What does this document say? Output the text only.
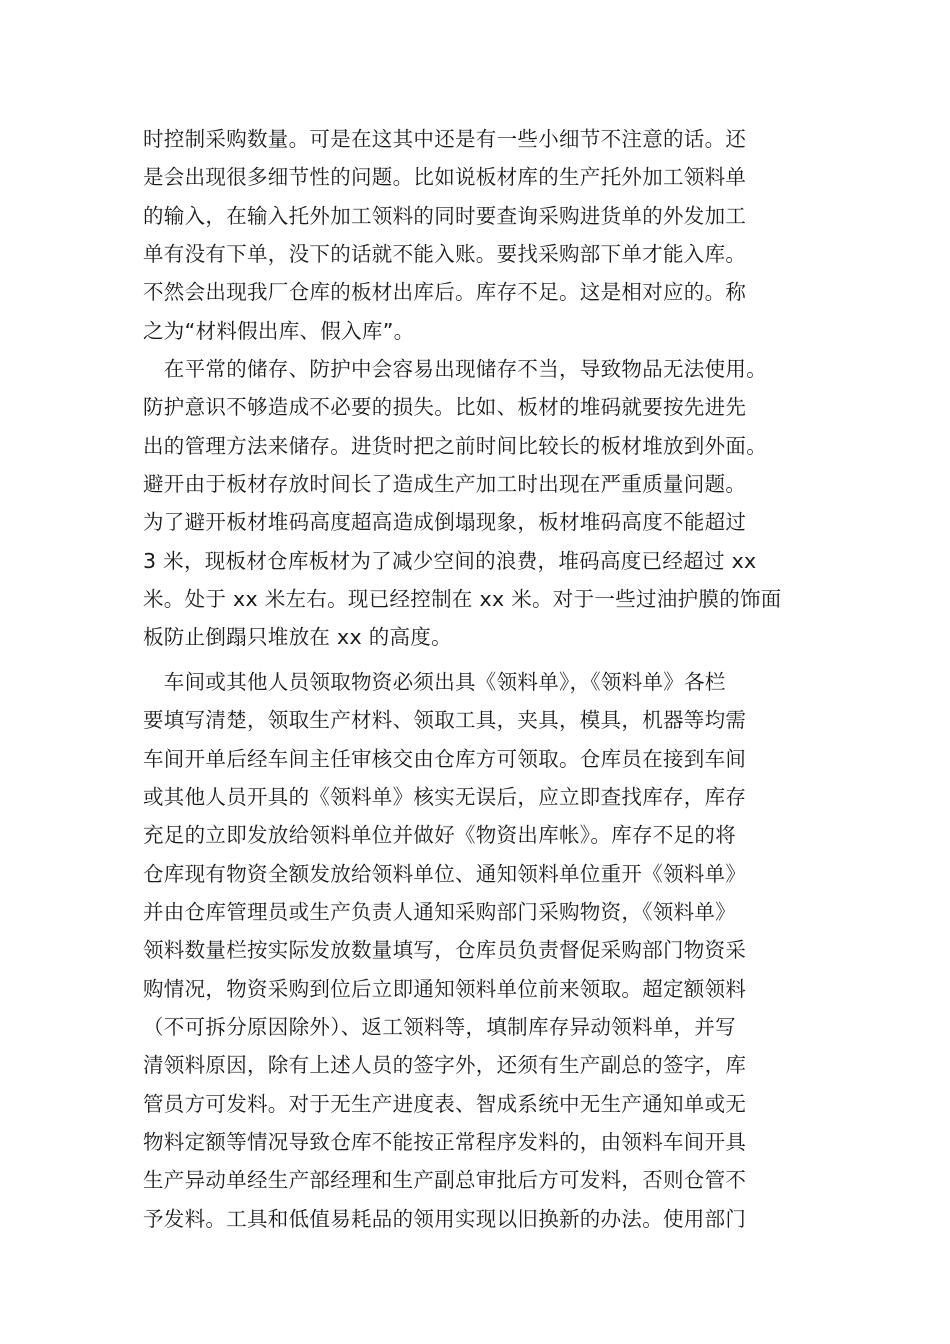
时控制采购数量。可是在这其中还是有一些小细节不注意的话。还
是会出现很多细节性的问题。比如说板材库的生产托外加工领料单
的输入，在输入托外加工领料的同时要查询采购进货单的外发加工
单有没有下单，没下的话就不能入账。要找采购部下单才能入库。
不然会出现我厂仓库的板材出库后。库存不足。这是相对应的。称
之为“材料假出库、假入库”。
　在平常的储存、防护中会容易出现储存不当，导致物品无法使用。
防护意识不够造成不必要的损失。比如、板材的堆码就要按先进先
出的管理方法来储存。进货时把之前时间比较长的板材堆放到外面。
避开由于板材存放时间长了造成生产加工时出现在严重质量问题。
为了避开板材堆码高度超高造成倒塌现象，板材堆码高度不能超过
3 米，现板材仓库板材为了减少空间的浪费，堆码高度已经超过 xx
米。处于 xx 米左右。现已经控制在 xx 米。对于一些过油护膜的饰面
板防止倒蹋只堆放在 xx 的高度。
　车间或其他人员领取物资必须出具《领料单》，《领料单》各栏
要填写清楚，领取生产材料、领取工具，夹具，模具，机器等均需
车间开单后经车间主任审核交由仓库方可领取。仓库员在接到车间
或其他人员开具的《领料单》核实无误后，应立即查找库存，库存
充足的立即发放给领料单位并做好《物资出库帐》。库存不足的将
仓库现有物资全额发放给领料单位、通知领料单位重开《领料单》
并由仓库管理员或生产负责人通知采购部门采购物资，《领料单》
领料数量栏按实际发放数量填写，仓库员负责督促采购部门物资采
购情况，物资采购到位后立即通知领料单位前来领取。超定额领料
（不可拆分原因除外）、返工领料等，填制库存异动领料单，并写
清领料原因，除有上述人员的签字外，还须有生产副总的签字，库
管员方可发料。对于无生产进度表、智成系统中无生产通知单或无
物料定额等情况导致仓库不能按正常程序发料的，由领料车间开具
生产异动单经生产部经理和生产副总审批后方可发料，否则仓管不
予发料。工具和低值易耗品的领用实现以旧换新的办法。使用部门
